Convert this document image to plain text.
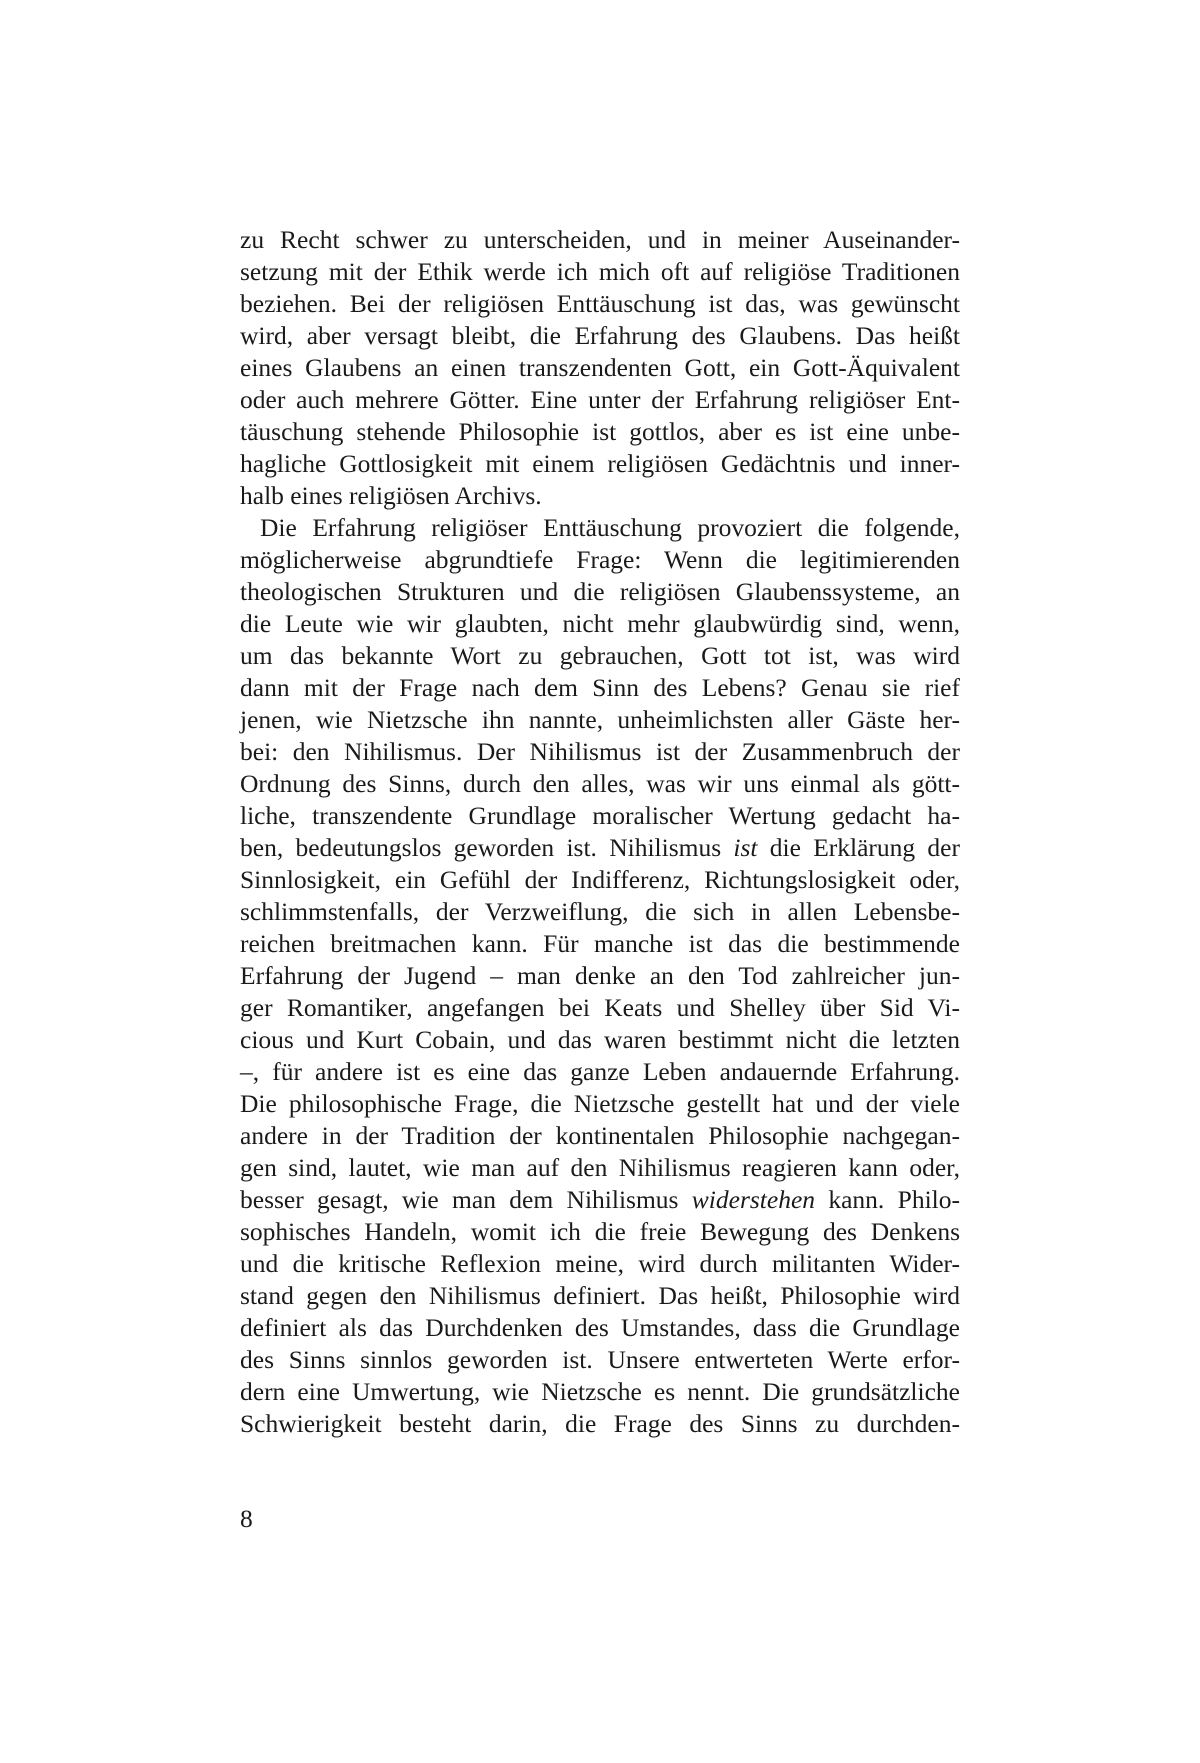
zu Recht schwer zu unterscheiden, und in meiner Auseinander-
setzung mit der Ethik werde ich mich oft auf religiöse Traditionen
beziehen. Bei der religiösen Enttäuschung ist das, was gewünscht
wird, aber versagt bleibt, die Erfahrung des Glaubens. Das heißt
eines Glaubens an einen transzendenten Gott, ein Gott-Äquivalent
oder auch mehrere Götter. Eine unter der Erfahrung religiöser Ent-
täuschung stehende Philosophie ist gottlos, aber es ist eine unbe-
hagliche Gottlosigkeit mit einem religiösen Gedächtnis und inner-
halb eines religiösen Archivs.
Die Erfahrung religiöser Enttäuschung provoziert die folgende,
möglicherweise abgrundtiefe Frage: Wenn die legitimierenden
theologischen Strukturen und die religiösen Glaubenssysteme, an
die Leute wie wir glaubten, nicht mehr glaubwürdig sind, wenn,
um das bekannte Wort zu gebrauchen, Gott tot ist, was wird
dann mit der Frage nach dem Sinn des Lebens? Genau sie rief
jenen, wie Nietzsche ihn nannte, unheimlichsten aller Gäste her-
bei: den Nihilismus. Der Nihilismus ist der Zusammenbruch der
Ordnung des Sinns, durch den alles, was wir uns einmal als gött-
liche, transzendente Grundlage moralischer Wertung gedacht ha-
ben, bedeutungslos geworden ist. Nihilismus ist die Erklärung der
Sinnlosigkeit, ein Gefühl der Indifferenz, Richtungslosigkeit oder,
schlimmstenfalls, der Verzweiflung, die sich in allen Lebensbe-
reichen breitmachen kann. Für manche ist das die bestimmende
Erfahrung der Jugend – man denke an den Tod zahlreicher jun-
ger Romantiker, angefangen bei Keats und Shelley über Sid Vi-
cious und Kurt Cobain, und das waren bestimmt nicht die letzten
–, für andere ist es eine das ganze Leben andauernde Erfahrung.
Die philosophische Frage, die Nietzsche gestellt hat und der viele
andere in der Tradition der kontinentalen Philosophie nachgegan-
gen sind, lautet, wie man auf den Nihilismus reagieren kann oder,
besser gesagt, wie man dem Nihilismus widerstehen kann. Philo-
sophisches Handeln, womit ich die freie Bewegung des Denkens
und die kritische Reflexion meine, wird durch militanten Wider-
stand gegen den Nihilismus definiert. Das heißt, Philosophie wird
definiert als das Durchdenken des Umstandes, dass die Grundlage
des Sinns sinnlos geworden ist. Unsere entwerteten Werte erfor-
dern eine Umwertung, wie Nietzsche es nennt. Die grundsätzliche
Schwierigkeit besteht darin, die Frage des Sinns zu durchden-
8
